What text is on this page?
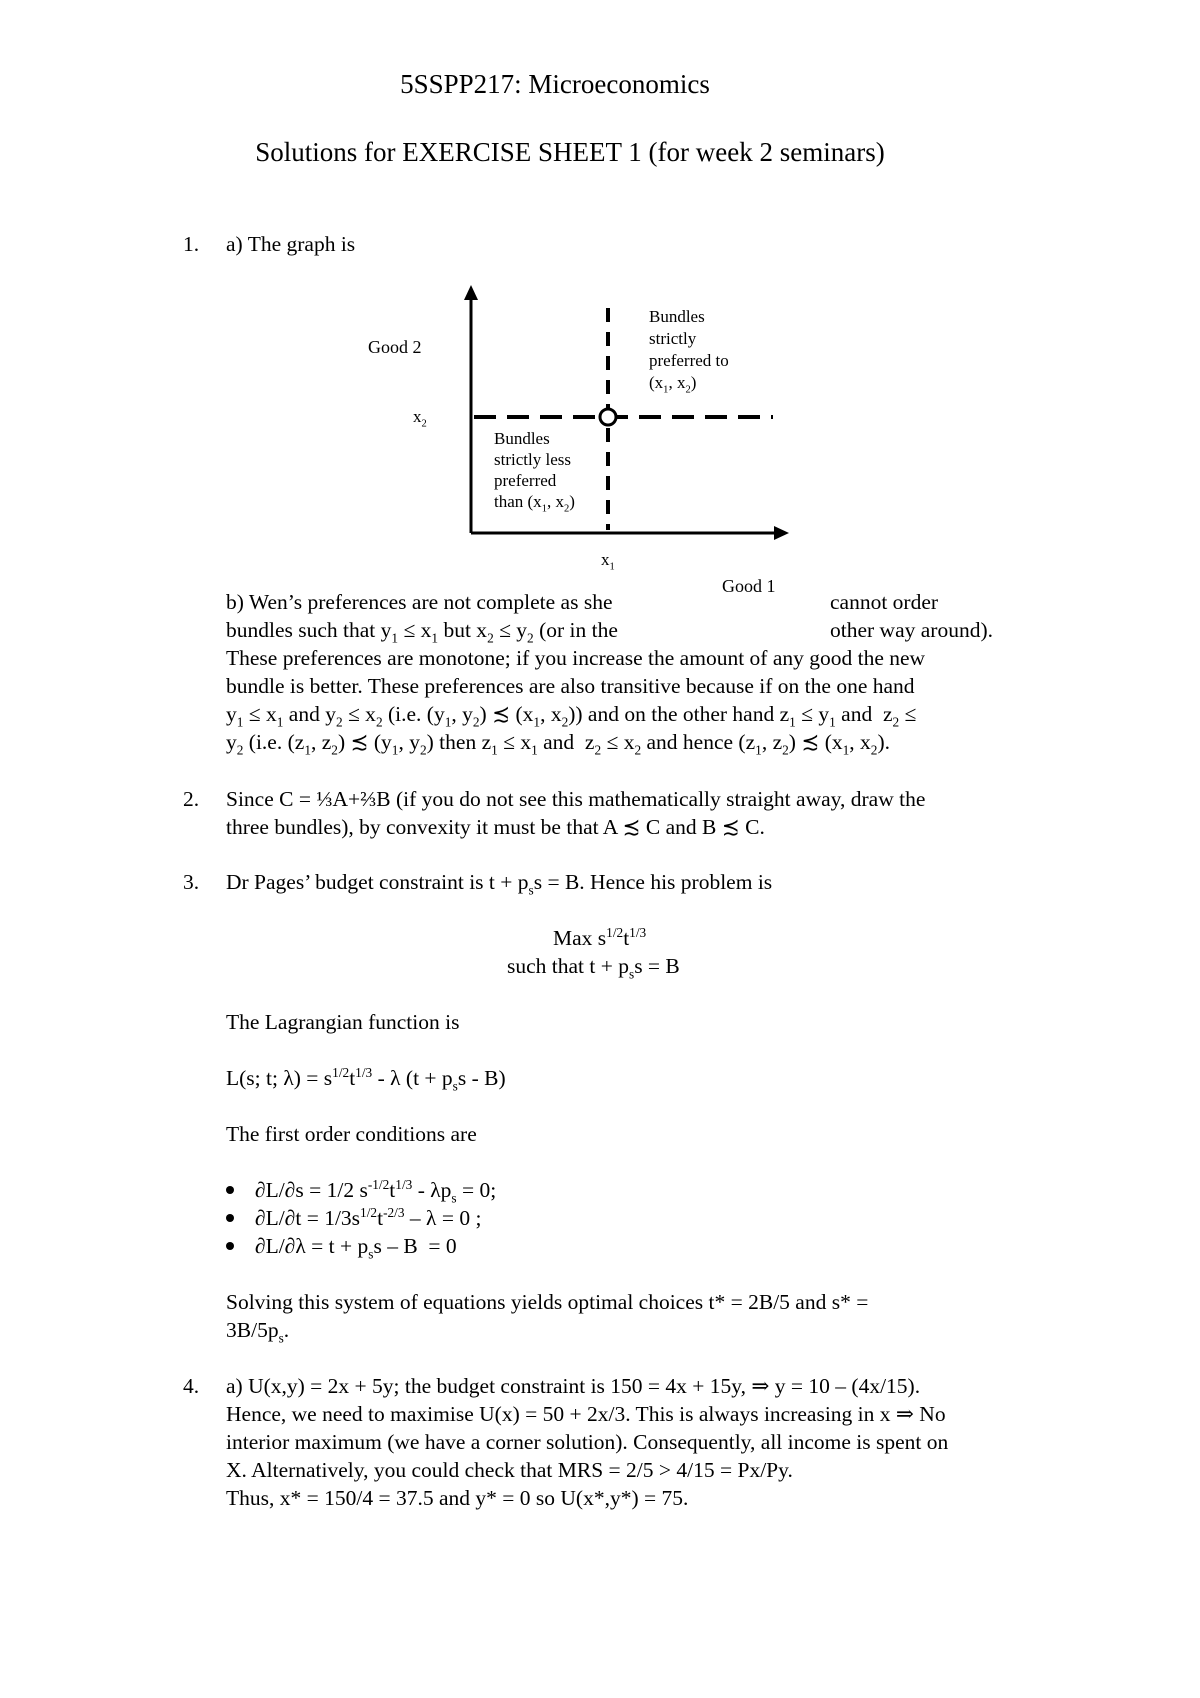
5SSPP217: Microeconomics
Solutions for EXERCISE SHEET 1 (for week 2 seminars)
1. a) The graph is
Good 2
Good 1
$x_2$
$x_1$
Bundles
strictly
preferred to
($x_1$, $x_2$)
Bundles
strictly less
preferred
than ($x_1$, $x_2$)
b) Wen’s preferences are not complete as she	cannot order
bundles such that $y_1 \le x_1$ but $x_2 \le y_2$ (or in the	other way around).
These preferences are monotone; if you increase the amount of any good the new
bundle is better. These preferences are also transitive because if on the one hand
$y_1 \le x_1$ and $y_2 \le x_2$ (i.e. ($y_1$, $y_2$) ≾ ($x_1$, $x_2$)) and on the other hand $z_1 \le y_1$ and  $z_2$ ≤
$y_2$ (i.e. ($z_1$, $z_2$) ≾ ($y_1$, $y_2$) then $z_1 \le x_1$ and  $z_2 \le x_2$ and hence ($z_1$, $z_2$) ≾ ($x_1$, $x_2$).
2. Since C = ⅓A+⅔B (if you do not see this mathematically straight away, draw the
three bundles), by convexity it must be that A ≾ C and B ≾ C.
3. Dr Pages’ budget constraint is $t + p_ss = B$. Hence his problem is
Max $s^{1/2}t^{1/3}$
such that $t + p_ss = B$
The Lagrangian function is
L(s; t; $\lambda) = s^{1/2}t^{1/3} - \lambda$ $(t + p_ss - B)$
The first order conditions are
∂L/∂s = 1/2 $s^{-1/2}t^{1/3} - \lambda p_s = 0$;
$\partial L/\partial t = 1/3s^{1/2}t^{-2/3} - \lambda = 0$ ;
$\partial L/\partial\lambda = t + p_ss - B = 0$
Solving this system of equations yields optimal choices t* = 2B/5 and s* =
$3B/5p_s$.
4. a) U(x,y) = 2x + 5y; the budget constraint is 150 = 4x + 15y, ⇒ y = 10 – (4x/15).
Hence, we need to maximise U(x) = 50 + 2x/3. This is always increasing in x ⇒ No
interior maximum (we have a corner solution). Consequently, all income is spent on
X. Alternatively, you could check that MRS = 2/5 > 4/15 = Px/Py.
Thus, x* = 150/4 = 37.5 and y* = 0 so U(x*,y*) = 75.
